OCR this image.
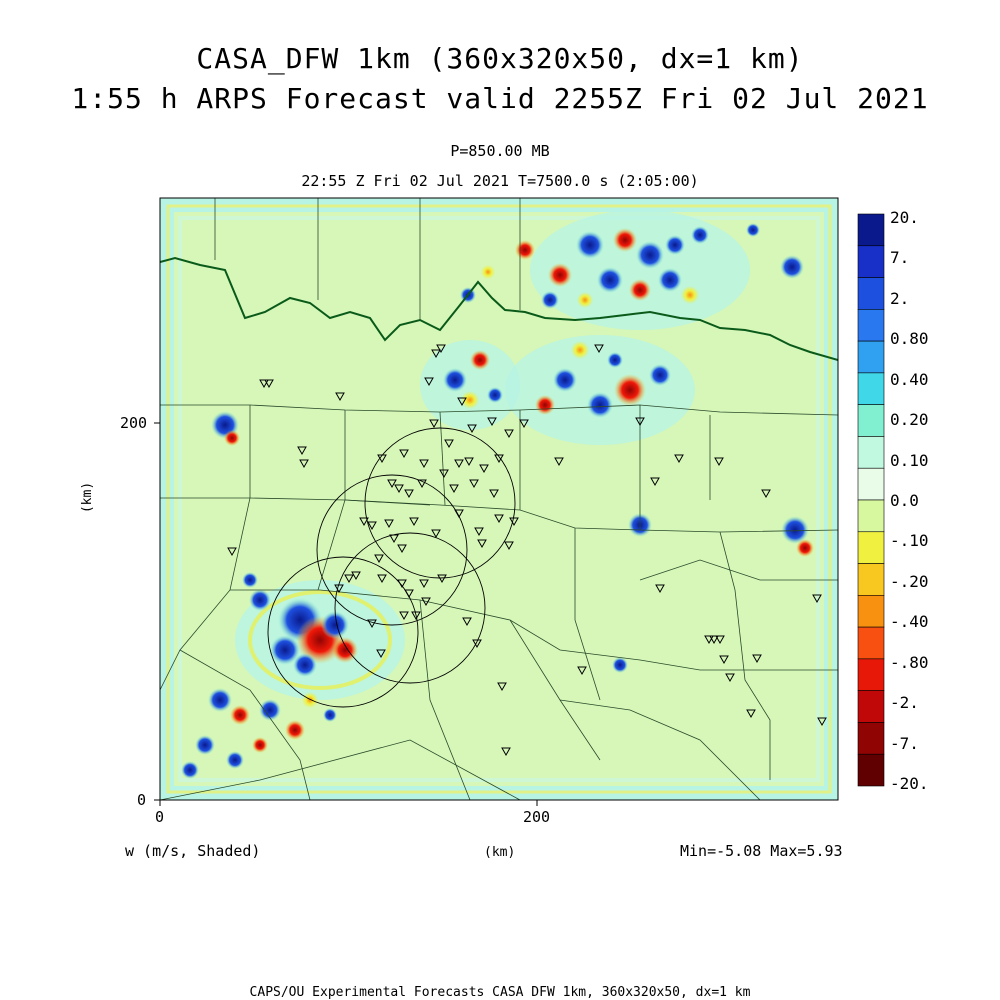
CASA_DFW 1km (360x320x50, dx=1 km)
1:55 h ARPS Forecast valid 2255Z Fri 02 Jul 2021
P=850.00 MB
22:55 Z Fri 02 Jul 2021 T=7500.0 s (2:05:00)
200
0
0	200
(km)
(km)
w (m/s, Shaded)	Min=-5.08 Max=5.93
20.
7.
2.
0.80
0.40
0.20
0.10
0.0
-.10
-.20
-.40
-.80
-2.
-7.
-20.
CAPS/OU Experimental Forecasts CASA DFW 1km, 360x320x50, dx=1 km
